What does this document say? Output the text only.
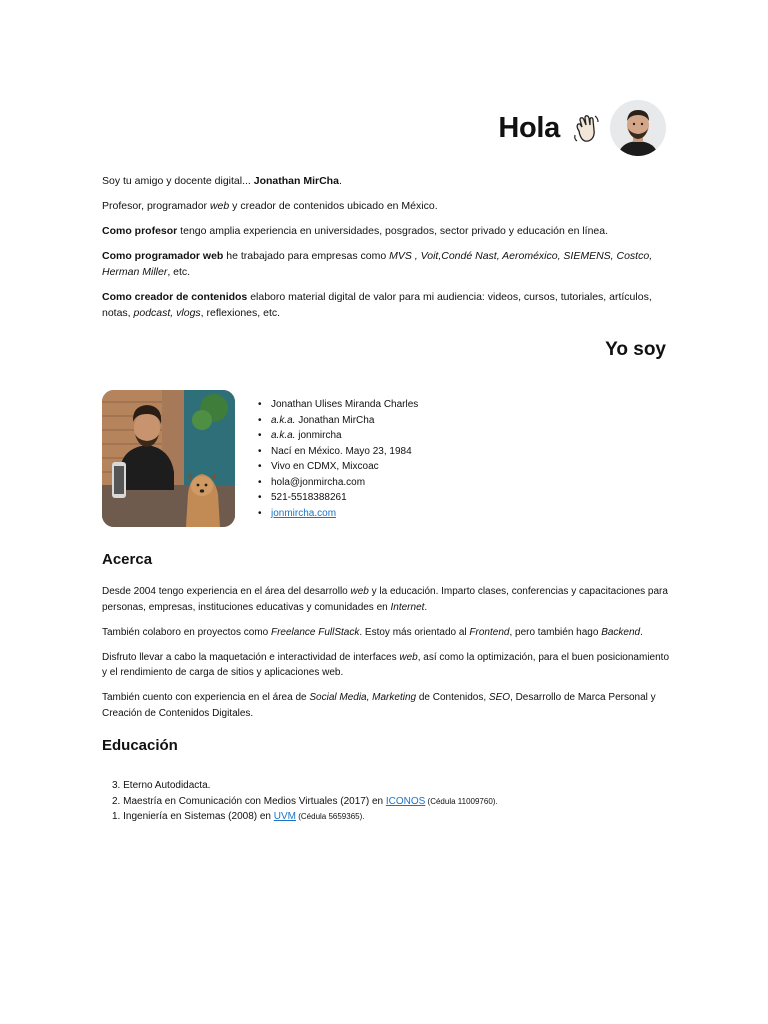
Hola

Soy tu amigo y docente digital... Jonathan MirCha.

Profesor, programador web y creador de contenidos ubicado en México.

Como profesor tengo amplia experiencia en universidades, posgrados, sector privado y educación en línea.

Como programador web he trabajado para empresas como MVS , Voit,Condé Nast, Aeroméxico, SIEMENS, Costco, Herman Miller, etc.

Como creador de contenidos elaboro material digital de valor para mi audiencia: videos, cursos, tutoriales, artículos, notas, podcast, vlogs, reflexiones, etc.

Yo soy
• Jonathan Ulises Miranda Charles
• a.k.a. Jonathan MirCha
• a.k.a. jonmircha
• Nací en México. Mayo 23, 1984
• Vivo en CDMX, Mixcoac
• hola@jonmircha.com
• 521-5518388261
• jonmircha.com
Acerca

Desde 2004 tengo experiencia en el área del desarrollo web y la educación. Imparto clases, conferencias y capacitaciones para personas, empresas, instituciones educativas y comunidades en Internet.

También colaboro en proyectos como Freelance FullStack. Estoy más orientado al Frontend, pero también hago Backend.

Disfruto llevar a cabo la maquetación e interactividad de interfaces web, así como la optimización, para el buen posicionamiento y el rendimiento de carga de sitios y aplicaciones web.

También cuento con experiencia en el área de Social Media, Marketing de Contenidos, SEO, Desarrollo de Marca Personal y Creación de Contenidos Digitales.

Educación
3. Eterno Autodidacta.
2. Maestría en Comunicación con Medios Virtuales (2017) en ICONOS (Cédula 11009760).
1. Ingeniería en Sistemas (2008) en UVM (Cédula 5659365).
